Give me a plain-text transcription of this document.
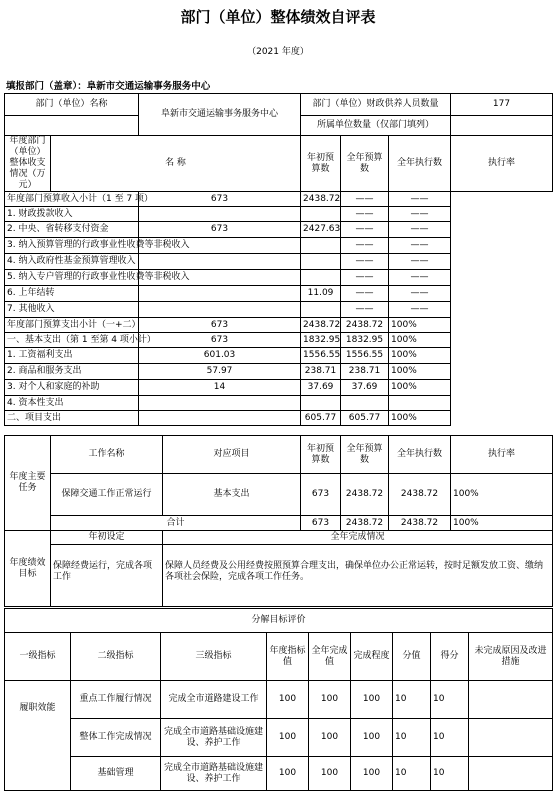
部门（单位）整体绩效自评表
（2021 年度）
填报部门（盖章）：阜新市交通运输事务服务中心
部门（单位）名称		阜新市交通运输事务服务中心	部门（单位）财政供养人员数量			177
			所属单位数量（仅部门填列）			
年度部门（单位）整体收支情况（万元）	名 称		年初预算数	全年预算数	全年执行数	执行率
年度部门预算收入小计（1 至 7 项）		673	2438.72	——	——	
1. 财政拨款收入				——	——	
2. 中央、省转移支付资金		673	2427.63	——	——	
3. 纳入预算管理的行政事业性收费等非税收入				——	——	
4. 纳入政府性基金预算管理收入				——	——	
5. 纳入专户管理的行政事业性收费等非税收入				——	——	
6. 上年结转			11.09	——	——	
7. 其他收入				——	——	
年度部门预算支出小计（一+二）		673	2438.72	2438.72	100%	
一、基本支出（第 1 至第 4 项小计）		673	1832.95	1832.95	100%	
1. 工资福利支出		601.03	1556.55	1556.55	100%	
2. 商品和服务支出		57.97	238.71	238.71	100%	
3. 对个人和家庭的补助		14	37.69	37.69	100%	
4. 资本性支出						
二、项目支出			605.77	605.77	100%	
年度主要任务	工作名称	对应项目	年初预算数	全年预算数	全年执行数	执行率
	保障交通工作正常运行	基本支出	673	2438.72	2438.72	100%
	合计		673	2438.72	2438.72	100%
年度绩效目标	年初设定	全年完成情况
	保障经费运行，完成各项工作	保障人员经费及公用经费按照预算合理支出，确保单位办公正常运转，按时足额发放工资、缴纳各项社会保险，完成各项工作任务。
分解目标评价								
一级指标	二级指标	三级指标	年度指标值	全年完成值	完成程度	分值	得分	未完成原因及改进措施
履职效能	重点工作履行情况	完成全市道路建设工作	100	100	100	10	10	
	整体工作完成情况	完成全市道路基础设施建设、养护工作	100	100	100	10	10	
	基础管理	完成全市道路基础设施建设、养护工作	100	100	100	10	10	
